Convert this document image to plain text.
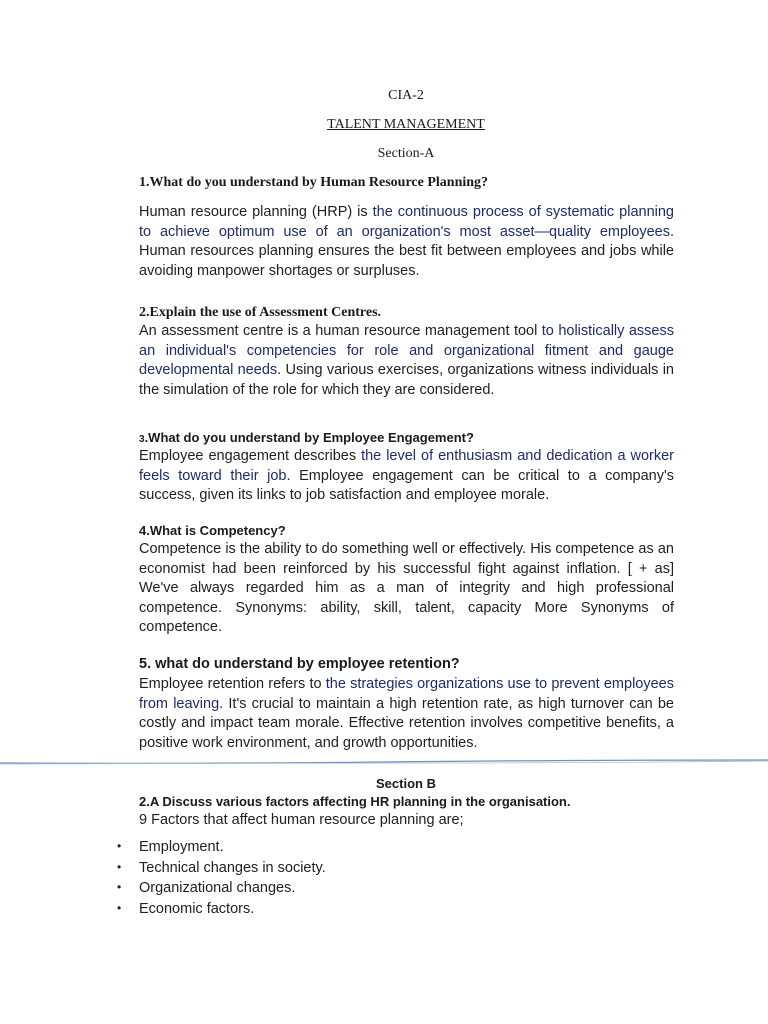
CIA-2
TALENT MANAGEMENT
Section-A
1.What do you understand by Human Resource Planning?
Human resource planning (HRP) is the continuous process of systematic planning to achieve optimum use of an organization's most asset—quality employees. Human resources planning ensures the best fit between employees and jobs while avoiding manpower shortages or surpluses.
2.Explain the use of Assessment Centres.
An assessment centre is a human resource management tool to holistically assess an individual's competencies for role and organizational fitment and gauge developmental needs. Using various exercises, organizations witness individuals in the simulation of the role for which they are considered.
3.What do you understand by Employee Engagement?
Employee engagement describes the level of enthusiasm and dedication a worker feels toward their job. Employee engagement can be critical to a company's success, given its links to job satisfaction and employee morale.
4.What is Competency?
Competence is the ability to do something well or effectively. His competence as an economist had been reinforced by his successful fight against inflation. [ + as] We've always regarded him as a man of integrity and high professional competence. Synonyms: ability, skill, talent, capacity More Synonyms of competence.
5. what do understand by employee retention?
Employee retention refers to the strategies organizations use to prevent employees from leaving. It's crucial to maintain a high retention rate, as high turnover can be costly and impact team morale. Effective retention involves competitive benefits, a positive work environment, and growth opportunities.
Section B
2.A Discuss various factors affecting HR planning in the organisation.
9 Factors that affect human resource planning are;
• Employment.
• Technical changes in society.
• Organizational changes.
• Economic factors.
